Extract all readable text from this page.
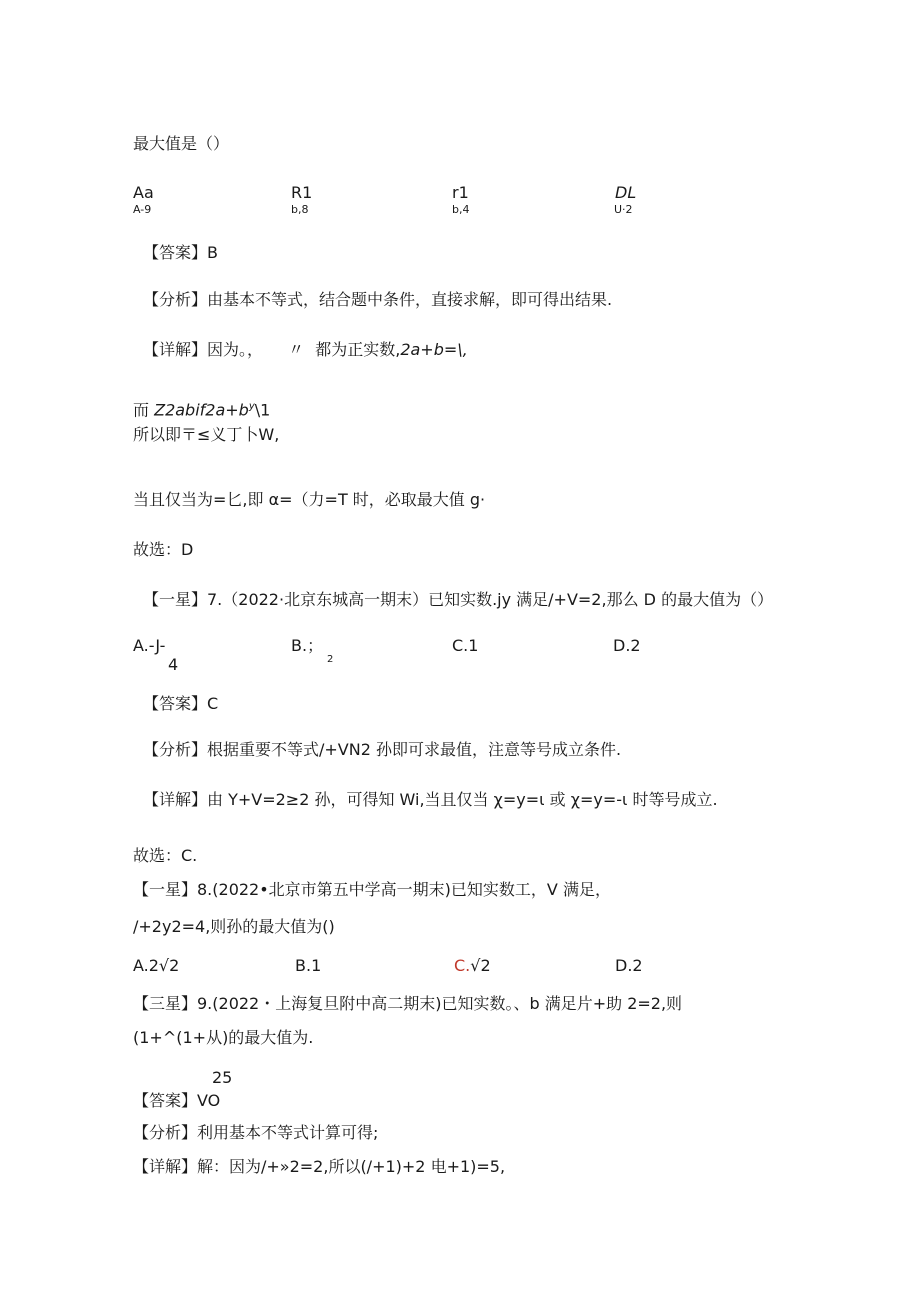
最大值是（）
Aa
A-9
R1
b,8
r1
b,4
DL
U·2
【答案】B
【分析】由基本不等式，结合题中条件，直接求解，即可得出结果.
【详解】因为。， 〃 都为正实数,2a+b=\,
而 $Z2abif2a+b^y\backslash 1$
所以即〒≤义丁卜W,
当且仅当为=匕,即 α=（力=T 时，必取最大值 g·
故选：D
【一星】7.（2022·北京东城高一期末）已知实数.jy 满足/+V=2,那么 D 的最大值为（）
A.-J-
4
B.；
2
C.1	D.2
【答案】C
【分析】根据重要不等式/+VN2 孙即可求最值，注意等号成立条件.
【详解】由 Y+V=2≥2 孙，可得知 Wi,当且仅当 χ=y=ι 或 χ=y=-ι 时等号成立.
故选：C.
【一星】8.(2022•北京市第五中学高一期末)已知实数工，V 满足，
/+2y2=4,则孙的最大值为()
A.2√2	B.1	C.√2	D.2
【三星】9.(2022・上海复旦附中高二期末)已知实数。、b 满足片+助 2=2,则
(1+^(1+从)的最大值为.
25
【答案】VO
【分析】利用基本不等式计算可得;
【详解】解：因为/+»2=2,所以(/+1)+2 电+1)=5,
